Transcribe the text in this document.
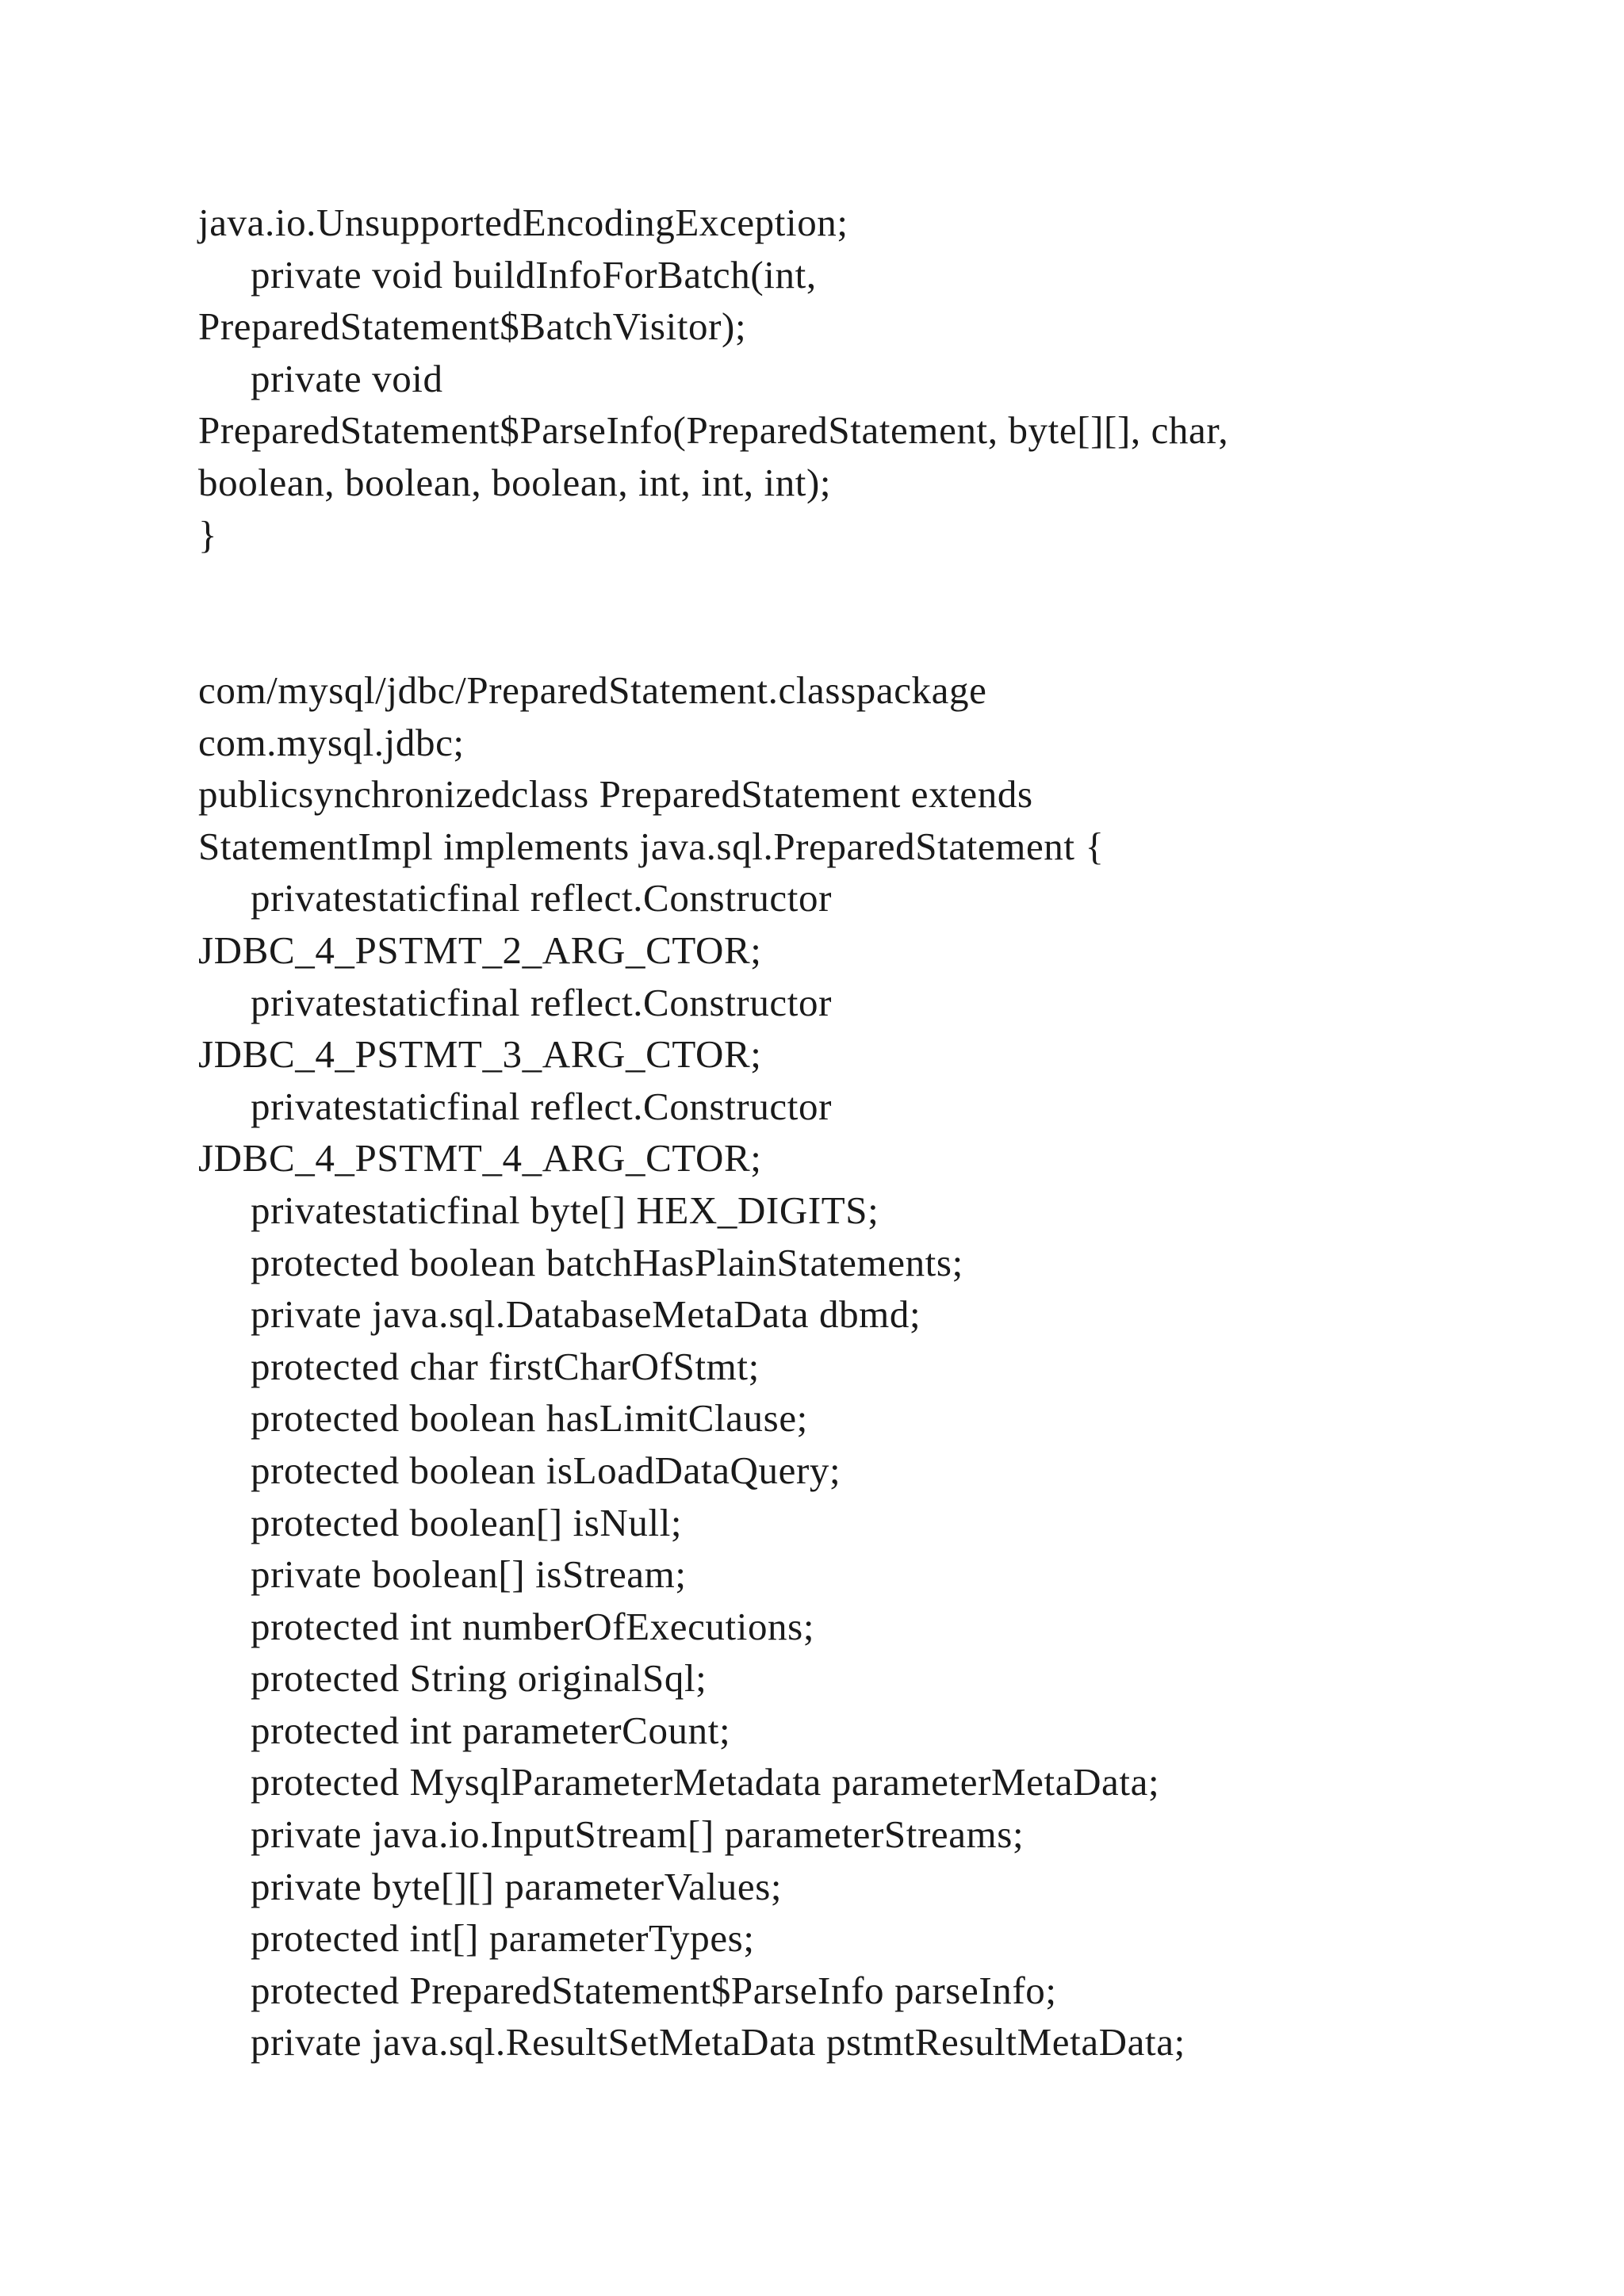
java.io.UnsupportedEncodingException;
private void buildInfoForBatch(int,
PreparedStatement$BatchVisitor);
private void
PreparedStatement$ParseInfo(PreparedStatement, byte[][], char,
boolean, boolean, boolean, int, int, int);
}
com/mysql/jdbc/PreparedStatement.classpackage
com.mysql.jdbc;
publicsynchronizedclass PreparedStatement extends
StatementImpl implements java.sql.PreparedStatement {
privatestaticfinal reflect.Constructor
JDBC_4_PSTMT_2_ARG_CTOR;
privatestaticfinal reflect.Constructor
JDBC_4_PSTMT_3_ARG_CTOR;
privatestaticfinal reflect.Constructor
JDBC_4_PSTMT_4_ARG_CTOR;
privatestaticfinal byte[] HEX_DIGITS;
protected boolean batchHasPlainStatements;
private java.sql.DatabaseMetaData dbmd;
protected char firstCharOfStmt;
protected boolean hasLimitClause;
protected boolean isLoadDataQuery;
protected boolean[] isNull;
private boolean[] isStream;
protected int numberOfExecutions;
protected String originalSql;
protected int parameterCount;
protected MysqlParameterMetadata parameterMetaData;
private java.io.InputStream[] parameterStreams;
private byte[][] parameterValues;
protected int[] parameterTypes;
protected PreparedStatement$ParseInfo parseInfo;
private java.sql.ResultSetMetaData pstmtResultMetaData;
